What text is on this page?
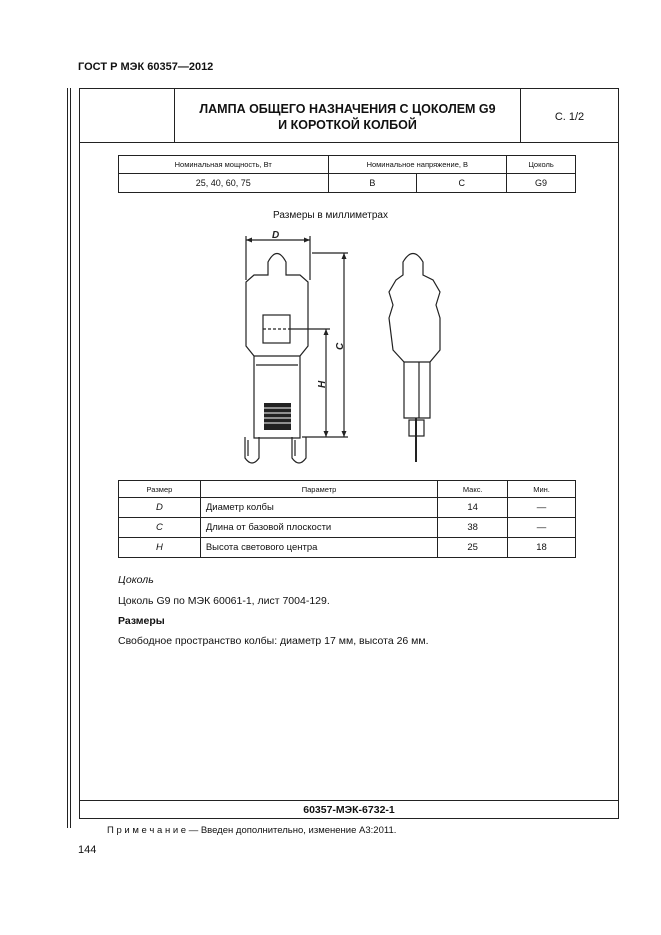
ГОСТ Р МЭК 60357—2012
ЛАМПА ОБЩЕГО НАЗНАЧЕНИЯ С ЦОКОЛЕМ G9
И КОРОТКОЙ КОЛБОЙ
С. 1/2
Номинальная мощность, Вт	Номинальное напряжение, В		Цоколь
25, 40, 60, 75	В	С	G9
Размеры в миллиметрах
D
C
H
Размер	Параметр	Макс.	Мин.
D	Диаметр колбы	14	—
C	Длина от базовой плоскости	38	—
H	Высота светового центра	25	18
Цоколь
Цоколь G9 по МЭК 60061-1, лист 7004-129.
Размеры
Свободное пространство колбы: диаметр 17 мм, высота 26 мм.
60357-МЭК-6732-1
П р и м е ч а н и е — Введен дополнительно, изменение А3:2011.
144
